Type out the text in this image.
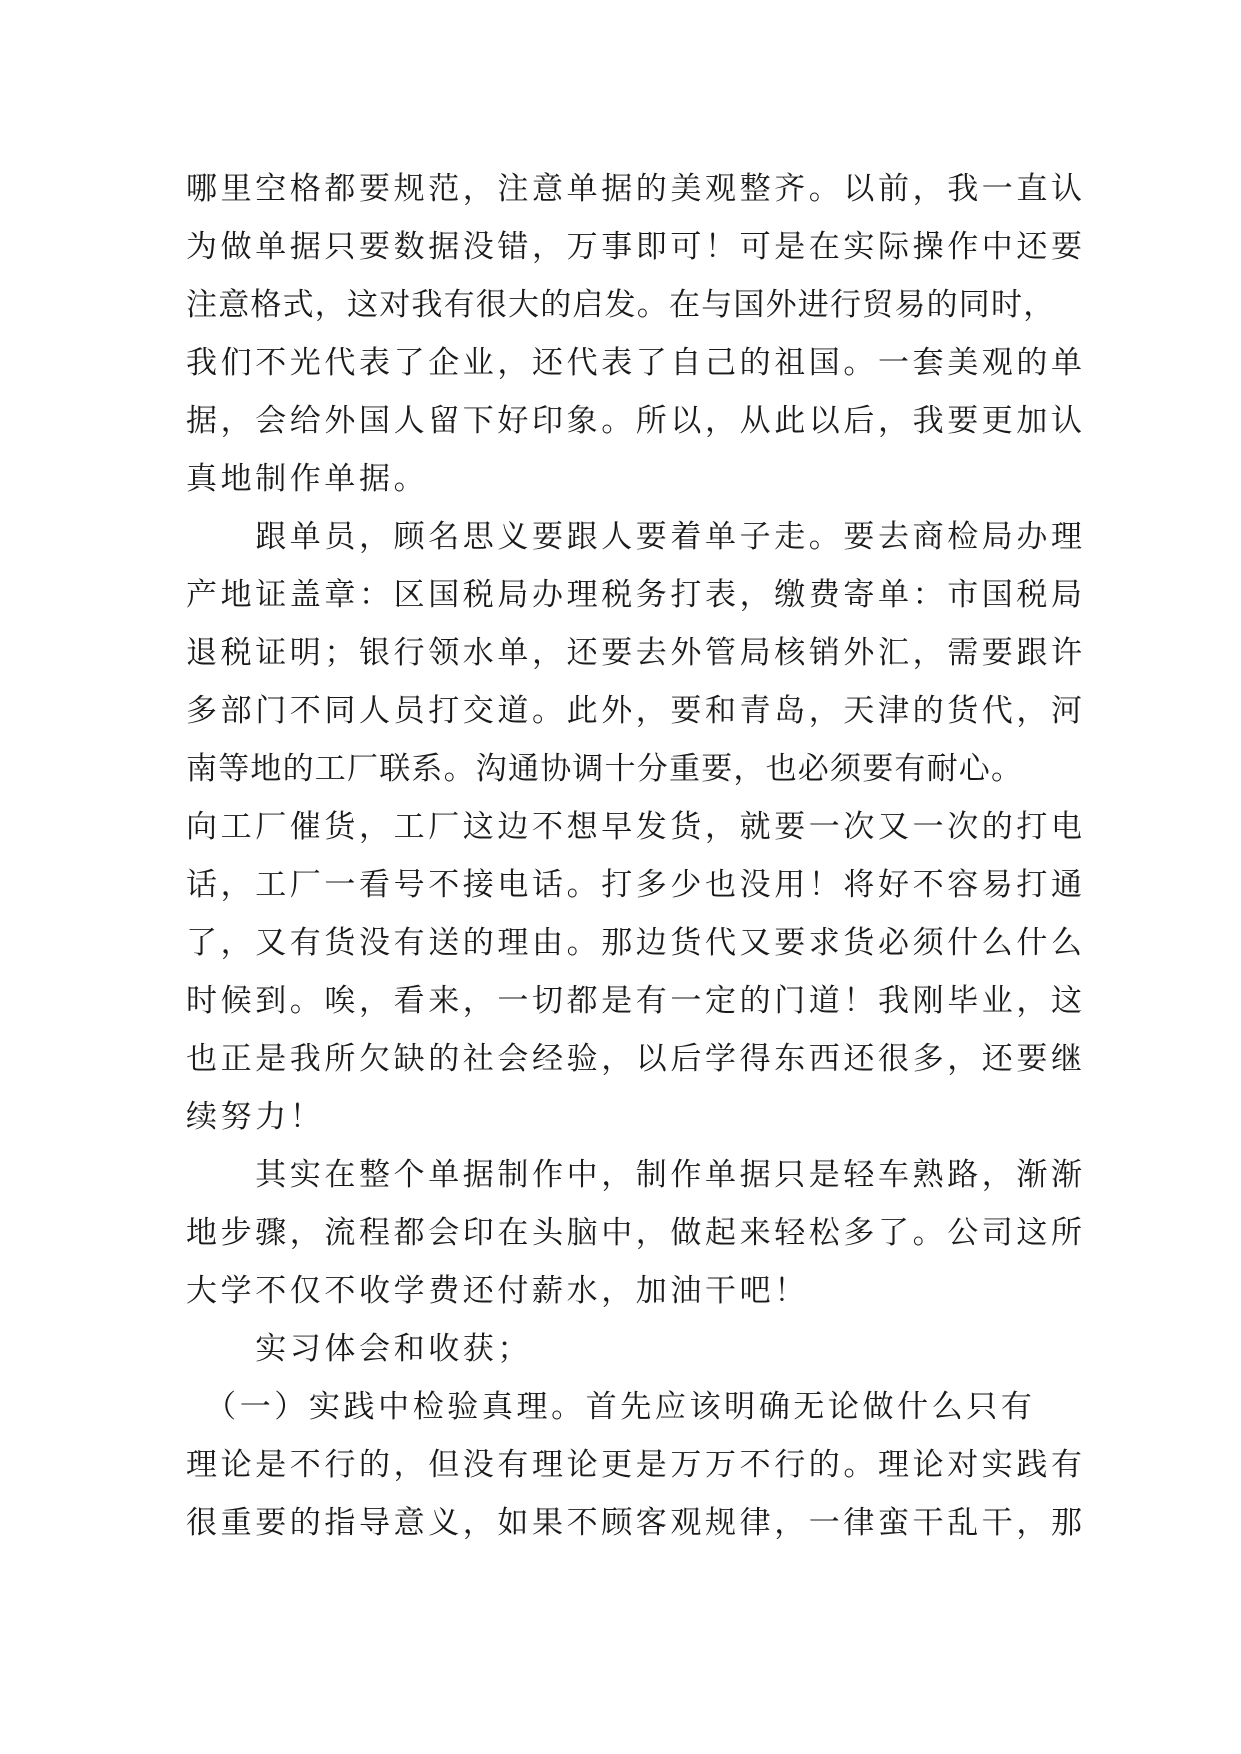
哪里空格都要规范，注意单据的美观整齐。以前，我一直认
为做单据只要数据没错，万事即可！可是在实际操作中还要
注意格式，这对我有很大的启发。在与国外进行贸易的同时，
我们不光代表了企业，还代表了自己的祖国。一套美观的单
据，会给外国人留下好印象。所以，从此以后，我要更加认
真地制作单据。
　　跟单员，顾名思义要跟人要着单子走。要去商检局办理
产地证盖章：区国税局办理税务打表，缴费寄单：市国税局
退税证明；银行领水单，还要去外管局核销外汇，需要跟许
多部门不同人员打交道。此外，要和青岛，天津的货代，河
南等地的工厂联系。沟通协调十分重要，也必须要有耐心。
向工厂催货，工厂这边不想早发货，就要一次又一次的打电
话，工厂一看号不接电话。打多少也没用！将好不容易打通
了，又有货没有送的理由。那边货代又要求货必须什么什么
时候到。唉，看来，一切都是有一定的门道！我刚毕业，这
也正是我所欠缺的社会经验，以后学得东西还很多，还要继
续努力！
　　其实在整个单据制作中，制作单据只是轻车熟路，渐渐
地步骤，流程都会印在头脑中，做起来轻松多了。公司这所
大学不仅不收学费还付薪水，加油干吧！
　　实习体会和收获；
　（一）实践中检验真理。首先应该明确无论做什么只有
理论是不行的，但没有理论更是万万不行的。理论对实践有
很重要的指导意义，如果不顾客观规律，一律蛮干乱干，那
